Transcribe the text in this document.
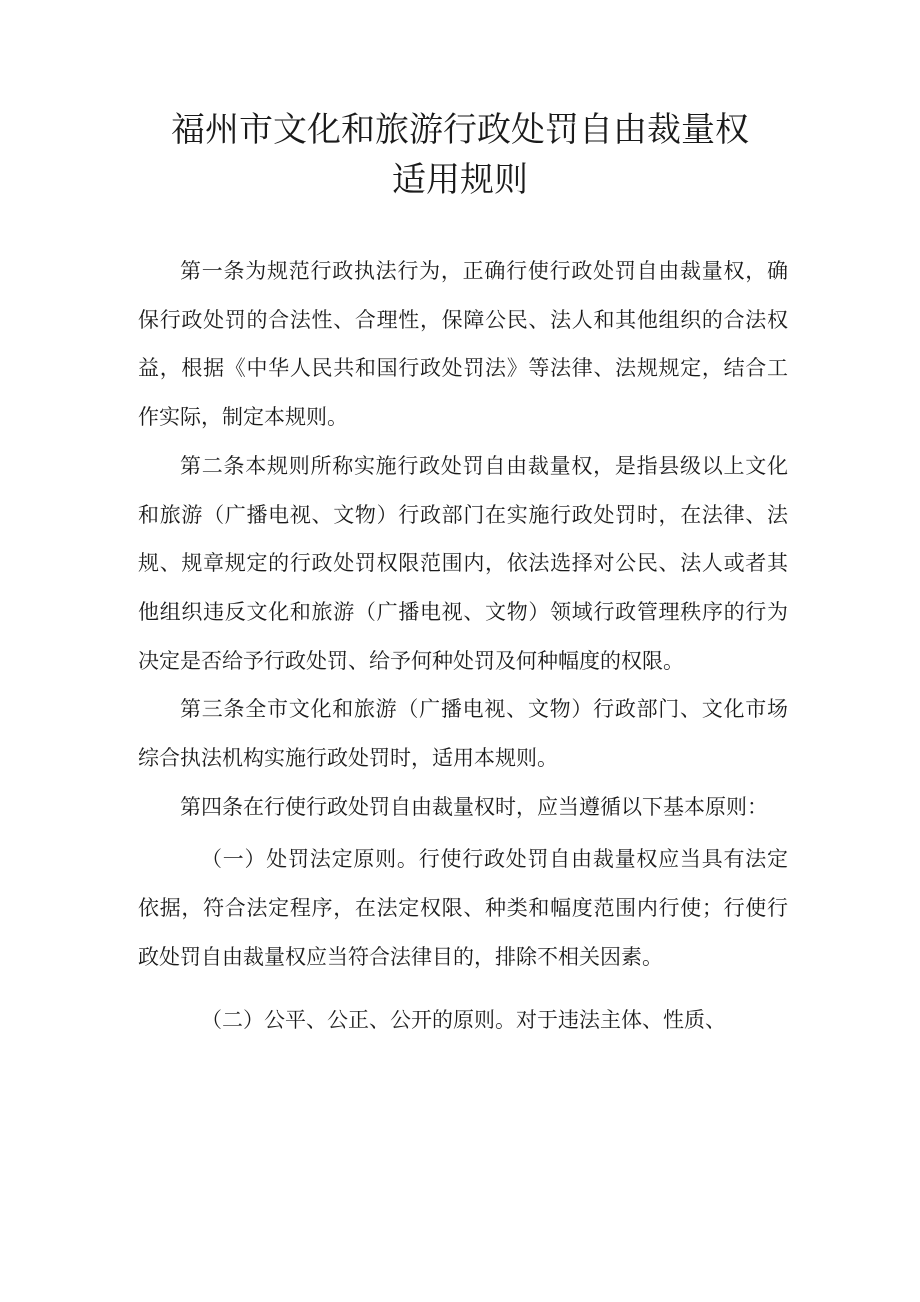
福州市文化和旅游行政处罚自由裁量权
适用规则

第一条为规范行政执法行为，正确行使行政处罚自由裁量权，确保行政处罚的合法性、合理性，保障公民、法人和其他组织的合法权益，根据《中华人民共和国行政处罚法》等法律、法规规定，结合工作实际，制定本规则。

第二条本规则所称实施行政处罚自由裁量权，是指县级以上文化和旅游（广播电视、文物）行政部门在实施行政处罚时，在法律、法规、规章规定的行政处罚权限范围内，依法选择对公民、法人或者其他组织违反文化和旅游（广播电视、文物）领域行政管理秩序的行为决定是否给予行政处罚、给予何种处罚及何种幅度的权限。

第三条全市文化和旅游（广播电视、文物）行政部门、文化市场综合执法机构实施行政处罚时，适用本规则。

第四条在行使行政处罚自由裁量权时，应当遵循以下基本原则：

（一）处罚法定原则。行使行政处罚自由裁量权应当具有法定依据，符合法定程序，在法定权限、种类和幅度范围内行使；行使行政处罚自由裁量权应当符合法律目的，排除不相关因素。

（二）公平、公正、公开的原则。对于违法主体、性质、
